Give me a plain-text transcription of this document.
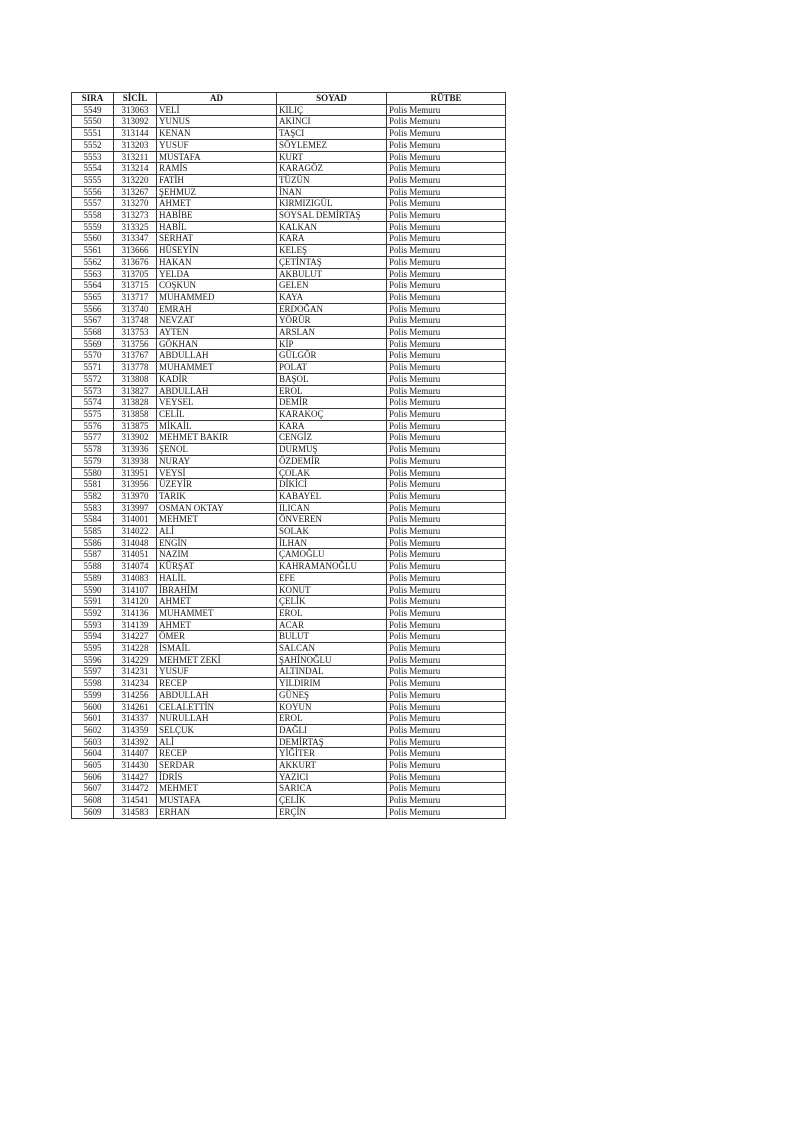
SIRA	SİCİL	AD	SOYAD	RÜTBE
5549	313063	VELİ	KILIÇ	Polis Memuru
5550	313092	YUNUS	AKINCI	Polis Memuru
5551	313144	KENAN	TAŞCI	Polis Memuru
5552	313203	YUSUF	SÖYLEMEZ	Polis Memuru
5553	313211	MUSTAFA	KURT	Polis Memuru
5554	313214	RAMİS	KARAGÖZ	Polis Memuru
5555	313220	FATİH	TÜZÜN	Polis Memuru
5556	313267	ŞEHMUZ	İNAN	Polis Memuru
5557	313270	AHMET	KIRMIZIGÜL	Polis Memuru
5558	313273	HABİBE	SOYSAL DEMİRTAŞ	Polis Memuru
5559	313325	HABİL	KALKAN	Polis Memuru
5560	313347	SERHAT	KARA	Polis Memuru
5561	313666	HÜSEYİN	KELEŞ	Polis Memuru
5562	313676	HAKAN	ÇETİNTAŞ	Polis Memuru
5563	313705	YELDA	AKBULUT	Polis Memuru
5564	313715	COŞKUN	GELEN	Polis Memuru
5565	313717	MUHAMMED	KAYA	Polis Memuru
5566	313740	EMRAH	ERDOĞAN	Polis Memuru
5567	313748	NEVZAT	YÖRÜR	Polis Memuru
5568	313753	AYTEN	ARSLAN	Polis Memuru
5569	313756	GÖKHAN	KİP	Polis Memuru
5570	313767	ABDULLAH	GÜLGÖR	Polis Memuru
5571	313778	MUHAMMET	POLAT	Polis Memuru
5572	313808	KADİR	BAŞOL	Polis Memuru
5573	313827	ABDULLAH	EROL	Polis Memuru
5574	313828	VEYSEL	DEMİR	Polis Memuru
5575	313858	CELİL	KARAKOÇ	Polis Memuru
5576	313875	MİKAİL	KARA	Polis Memuru
5577	313902	MEHMET BAKIR	CENGİZ	Polis Memuru
5578	313936	ŞENOL	DURMUŞ	Polis Memuru
5579	313938	NURAY	ÖZDEMİR	Polis Memuru
5580	313951	VEYSİ	ÇOLAK	Polis Memuru
5581	313956	ÜZEYİR	DİKİCİ	Polis Memuru
5582	313970	TARIK	KABAYEL	Polis Memuru
5583	313997	OSMAN OKTAY	ILICAN	Polis Memuru
5584	314001	MEHMET	ÖNVEREN	Polis Memuru
5585	314022	ALİ	SOLAK	Polis Memuru
5586	314048	ENGİN	İLHAN	Polis Memuru
5587	314051	NAZIM	ÇAMOĞLU	Polis Memuru
5588	314074	KÜRŞAT	KAHRAMANOĞLU	Polis Memuru
5589	314083	HALİL	EFE	Polis Memuru
5590	314107	İBRAHİM	KONUT	Polis Memuru
5591	314120	AHMET	ÇELİK	Polis Memuru
5592	314136	MUHAMMET	EROL	Polis Memuru
5593	314139	AHMET	ACAR	Polis Memuru
5594	314227	ÖMER	BULUT	Polis Memuru
5595	314228	İSMAİL	SALCAN	Polis Memuru
5596	314229	MEHMET ZEKİ	ŞAHİNOĞLU	Polis Memuru
5597	314231	YUSUF	ALTINDAL	Polis Memuru
5598	314234	RECEP	YILDIRIM	Polis Memuru
5599	314256	ABDULLAH	GÜNEŞ	Polis Memuru
5600	314261	CELALETTİN	KOYUN	Polis Memuru
5601	314337	NURULLAH	EROL	Polis Memuru
5602	314359	SELÇUK	DAĞLI	Polis Memuru
5603	314392	ALİ	DEMİRTAŞ	Polis Memuru
5604	314407	RECEP	YİĞİTER	Polis Memuru
5605	314430	SERDAR	AKKURT	Polis Memuru
5606	314427	İDRİS	YAZICI	Polis Memuru
5607	314472	MEHMET	SARICA	Polis Memuru
5608	314541	MUSTAFA	ÇELİK	Polis Memuru
5609	314583	ERHAN	ERÇİN	Polis Memuru
